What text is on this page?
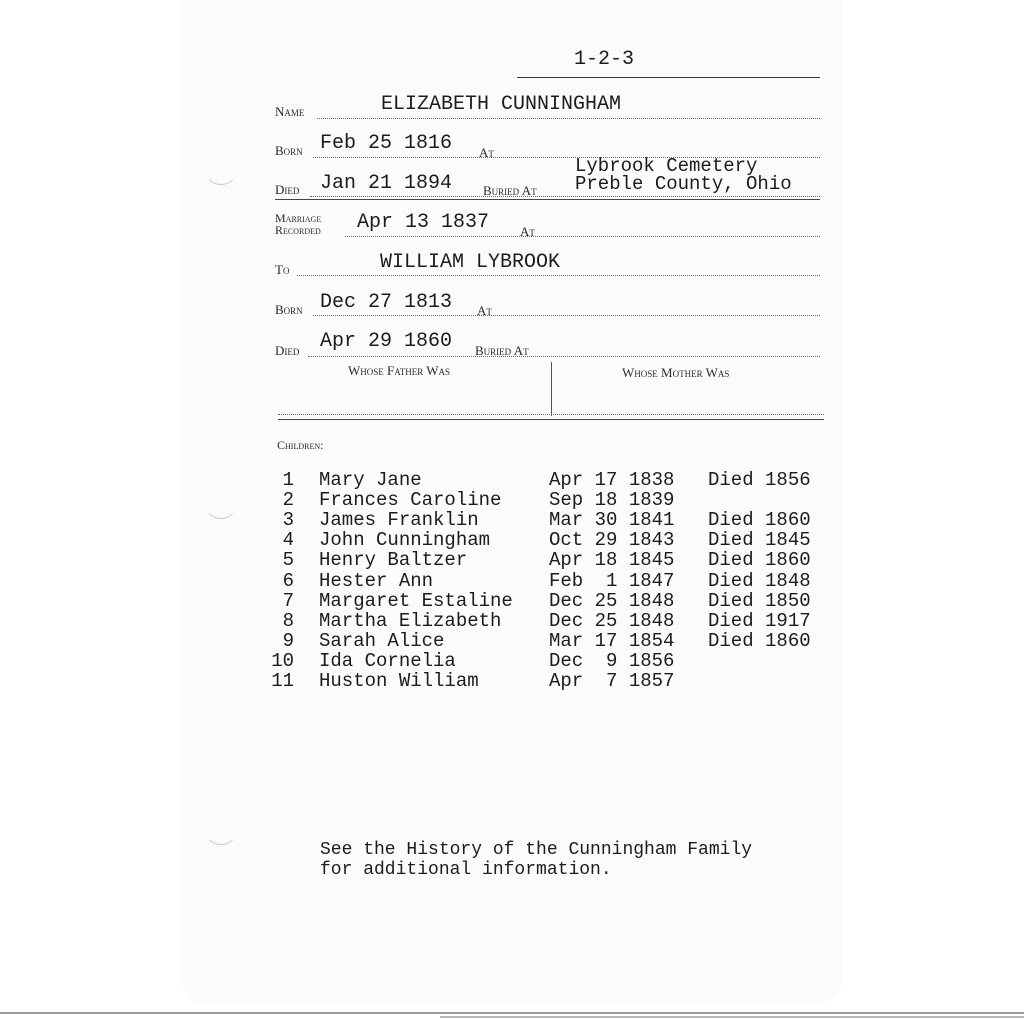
1-2-3
Name	ELIZABETH CUNNINGHAM
Born Feb 25 1816 At
Died Jan 21 1894 Buried At
Lybrook Cemetery
Preble County, Ohio
Marriage
Recorded Apr 13 1837 At
To	WILLIAM LYBROOK
Born Dec 27 1813 At
Died Apr 29 1860 Buried At
Whose Father Was	Whose Mother Was
Children:
1 Mary Jane	Apr 17 1838 Died 1856
2 Frances Caroline	Sep 18 1839
3 James Franklin	Mar 30 1841 Died 1860
4 John Cunningham	Oct 29 1843 Died 1845
5 Henry Baltzer	Apr 18 1845 Died 1860
6 Hester Ann	Feb  1 1847 Died 1848
7 Margaret Estaline Dec 25 1848 Died 1850
8 Martha Elizabeth	Dec 25 1848 Died 1917
9 Sarah Alice	Mar 17 1854 Died 1860
10 Ida Cornelia	Dec  9 1856
11 Huston William	Apr  7 1857
See the History of the Cunningham Family
for additional information.
